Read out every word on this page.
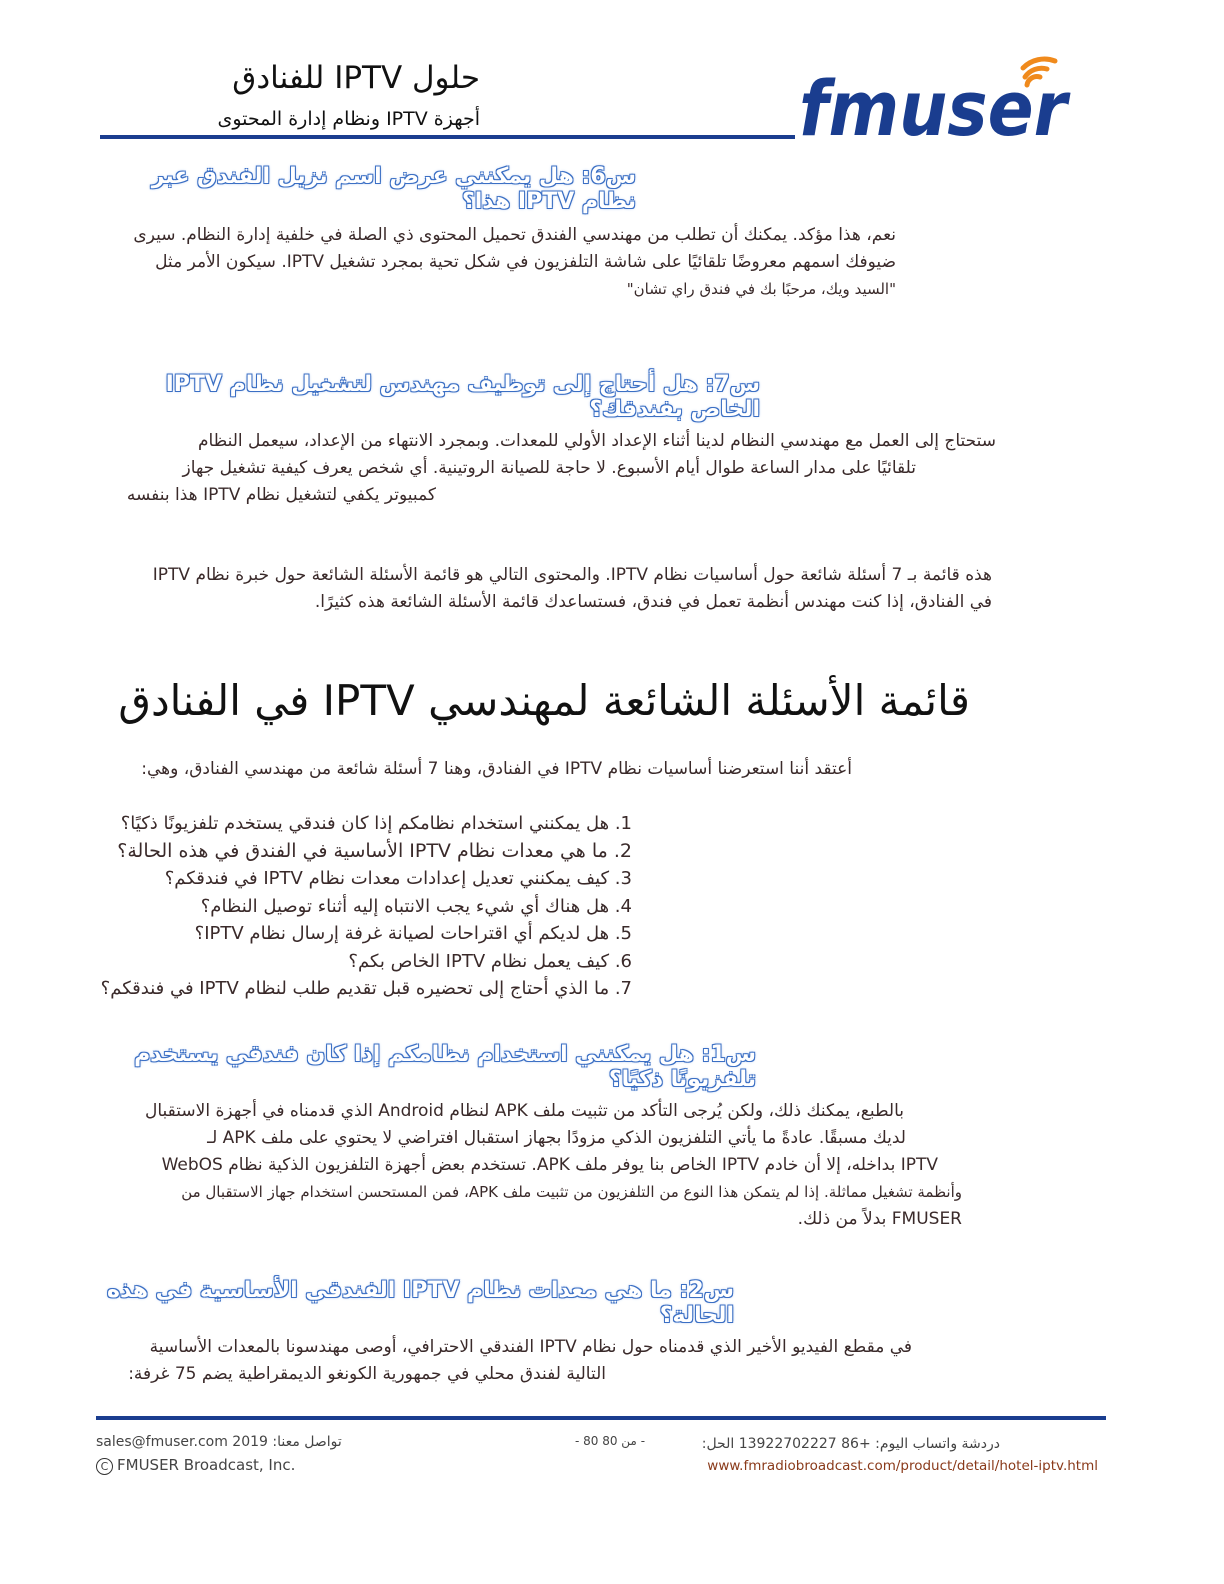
حلول IPTV للفنادق
أجهزة IPTV ونظام إدارة المحتوى	fmuser
س6: هل يمكنني عرض اسم نزيل الفندق عبر نظام IPTV هذا؟
نعم، هذا مؤكد. يمكنك أن تطلب من مهندسي الفندق تحميل المحتوى ذي الصلة في خلفية إدارة النظام. سيرى
ضيوفك اسمهم معروضًا تلقائيًا على شاشة التلفزيون في شكل تحية بمجرد تشغيل IPTV. سيكون الأمر مثل
"السيد ويك، مرحبًا بك في فندق راي تشان"
س7: هل أحتاج إلى توظيف مهندس لتشغيل نظام IPTV الخاص بفندقك؟
ستحتاج إلى العمل مع مهندسي النظام لدينا أثناء الإعداد الأولي للمعدات. وبمجرد الانتهاء من الإعداد، سيعمل النظام
تلقائيًا على مدار الساعة طوال أيام الأسبوع. لا حاجة للصيانة الروتينية. أي شخص يعرف كيفية تشغيل جهاز
كمبيوتر يكفي لتشغيل نظام IPTV هذا بنفسه
هذه قائمة بـ 7 أسئلة شائعة حول أساسيات نظام IPTV. والمحتوى التالي هو قائمة الأسئلة الشائعة حول خبرة نظام IPTV
في الفنادق، إذا كنت مهندس أنظمة تعمل في فندق، فستساعدك قائمة الأسئلة الشائعة هذه كثيرًا.
قائمة الأسئلة الشائعة لمهندسي IPTV في الفنادق
أعتقد أننا استعرضنا أساسيات نظام IPTV في الفنادق، وهنا 7 أسئلة شائعة من مهندسي الفنادق، وهي:
1. هل يمكنني استخدام نظامكم إذا كان فندقي يستخدم تلفزيونًا ذكيًا؟
2. ما هي معدات نظام IPTV الأساسية في الفندق في هذه الحالة؟
3. كيف يمكنني تعديل إعدادات معدات نظام IPTV في فندقكم؟
4. هل هناك أي شيء يجب الانتباه إليه أثناء توصيل النظام؟
5. هل لديكم أي اقتراحات لصيانة غرفة إرسال نظام IPTV؟
6. كيف يعمل نظام IPTV الخاص بكم؟
7. ما الذي أحتاج إلى تحضيره قبل تقديم طلب لنظام IPTV في فندقكم؟
س1: هل يمكنني استخدام نظامكم إذا كان فندقي يستخدم تلفزيونًا ذكيًا؟
بالطبع، يمكنك ذلك، ولكن يُرجى التأكد من تثبيت ملف APK لنظام Android الذي قدمناه في أجهزة الاستقبال
لديك مسبقًا. عادةً ما يأتي التلفزيون الذكي مزودًا بجهاز استقبال افتراضي لا يحتوي على ملف APK لـ
IPTV بداخله، إلا أن خادم IPTV الخاص بنا يوفر ملف APK. تستخدم بعض أجهزة التلفزيون الذكية نظام WebOS
وأنظمة تشغيل مماثلة. إذا لم يتمكن هذا النوع من التلفزيون من تثبيت ملف APK، فمن المستحسن استخدام جهاز الاستقبال من
FMUSER بدلاً من ذلك.
س2: ما هي معدات نظام IPTV الفندقي الأساسية في هذه الحالة؟
في مقطع الفيديو الأخير الذي قدمناه حول نظام IPTV الفندقي الاحترافي، أوصى مهندسونا بالمعدات الأساسية
التالية لفندق محلي في جمهورية الكونغو الديمقراطية يضم 75 غرفة:
sales@fmuser.com 2019 :تواصل معنا
C FMUSER Broadcast, Inc.
- 80 من 80 -	دردشة واتساب اليوم: +86 13922702227 الحل:
www.fmradiobroadcast.com/product/detail/hotel-iptv.html
